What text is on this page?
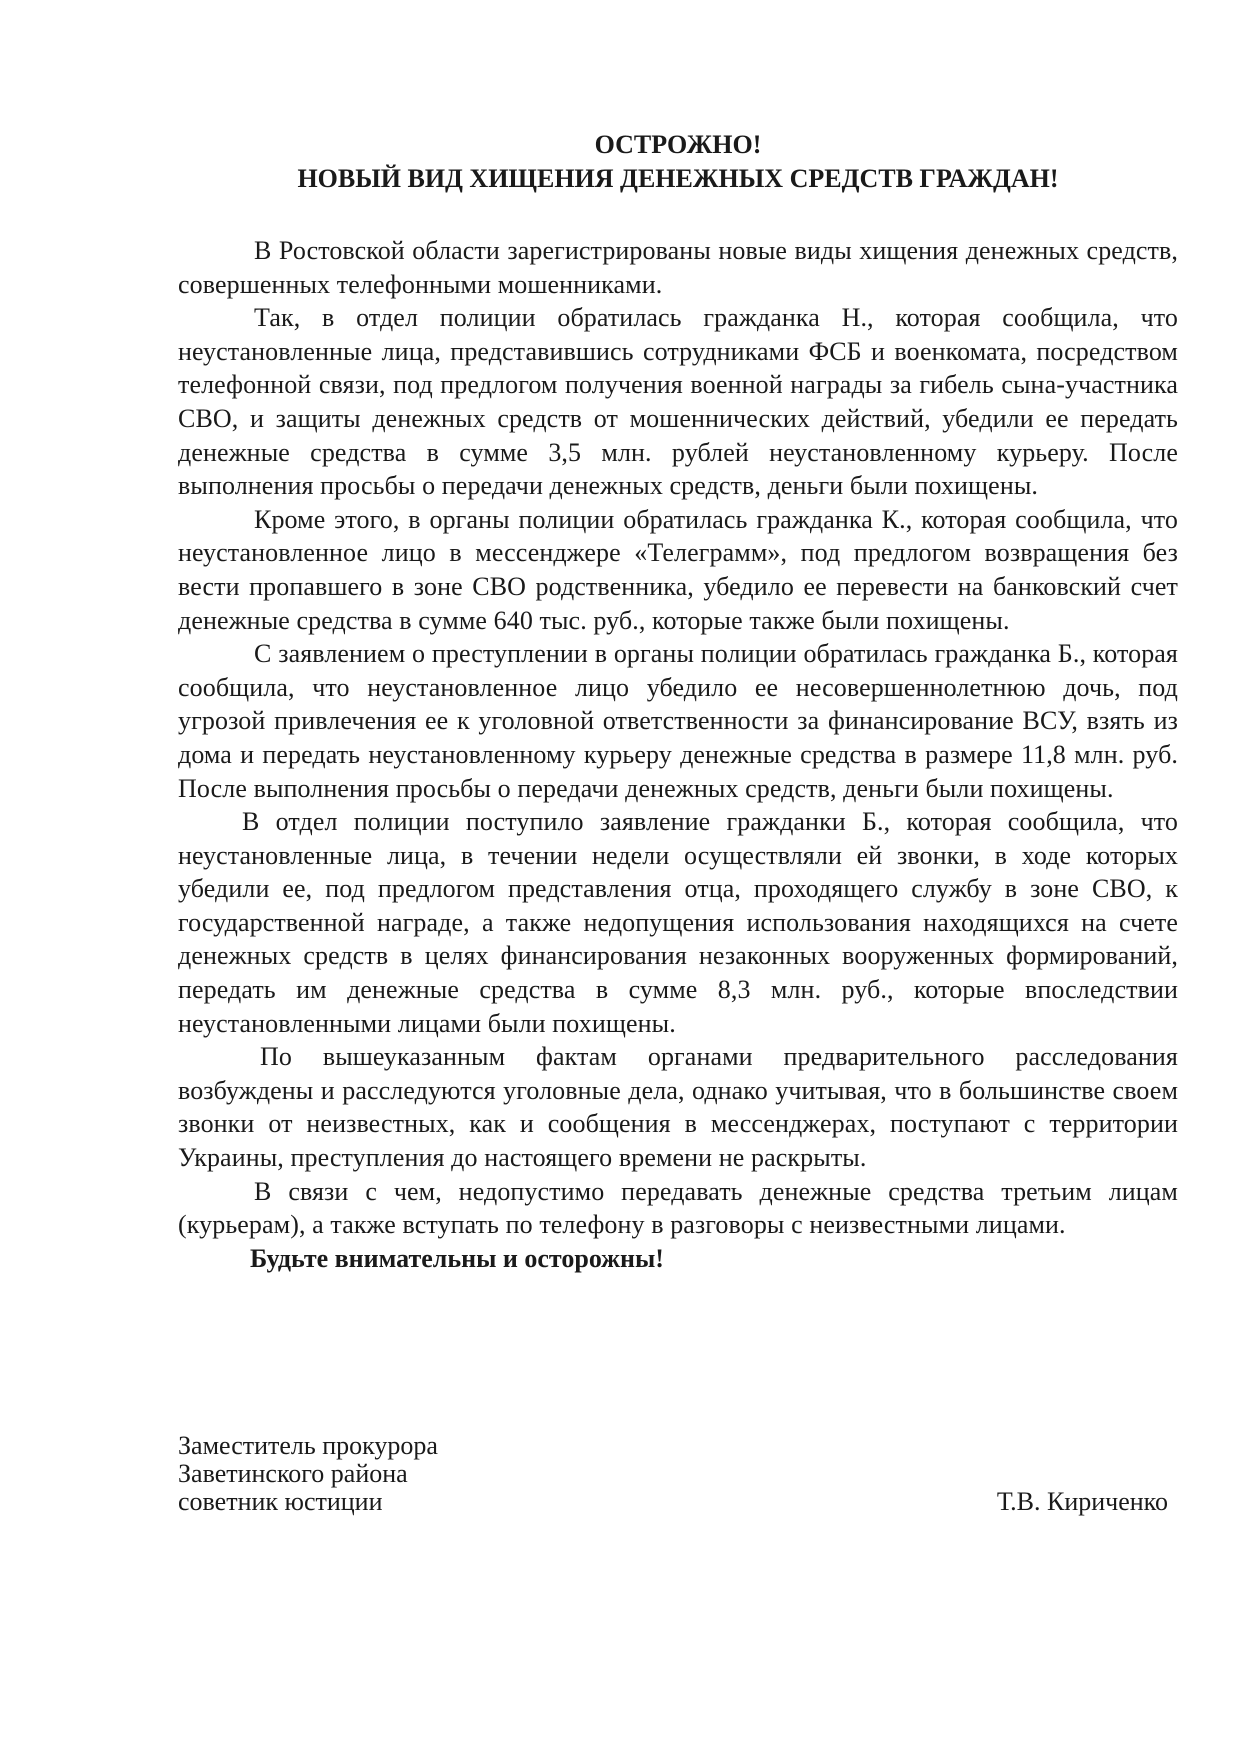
ОСТРОЖНО!
НОВЫЙ ВИД ХИЩЕНИЯ ДЕНЕЖНЫХ СРЕДСТВ ГРАЖДАН!

В Ростовской области зарегистрированы новые виды хищения денежных средств, совершенных телефонными мошенниками.

Так, в отдел полиции обратилась гражданка Н., которая сообщила, что неустановленные лица, представившись сотрудниками ФСБ и военкомата, посредством телефонной связи, под предлогом получения военной награды за гибель сына-участника СВО, и защиты денежных средств от мошеннических действий, убедили ее передать денежные средства в сумме 3,5 млн. рублей неустановленному курьеру. После выполнения просьбы о передачи денежных средств, деньги были похищены.

Кроме этого, в органы полиции обратилась гражданка К., которая сообщила, что неустановленное лицо в мессенджере «Телеграмм», под предлогом возвращения без вести пропавшего в зоне СВО родственника, убедило ее перевести на банковский счет денежные средства в сумме 640 тыс. руб., которые также были похищены.

С заявлением о преступлении в органы полиции обратилась гражданка Б., которая сообщила, что неустановленное лицо убедило ее несовершеннолетнюю дочь, под угрозой привлечения ее к уголовной ответственности за финансирование ВСУ, взять из дома и передать неустановленному курьеру денежные средства в размере 11,8 млн. руб. После выполнения просьбы о передачи денежных средств, деньги были похищены.

В отдел полиции поступило заявление гражданки Б., которая сообщила, что неустановленные лица, в течении недели осуществляли ей звонки, в ходе которых убедили ее, под предлогом представления отца, проходящего службу в зоне СВО, к государственной награде, а также недопущения использования находящихся на счете денежных средств в целях финансирования незаконных вооруженных формирований, передать им денежные средства в сумме 8,3 млн. руб., которые впоследствии неустановленными лицами были похищены.

По вышеуказанным фактам органами предварительного расследования возбуждены и расследуются уголовные дела, однако учитывая, что в большинстве своем звонки от неизвестных, как и сообщения в мессенджерах, поступают с территории Украины, преступления до настоящего времени не раскрыты.

В связи с чем, недопустимо передавать денежные средства третьим лицам (курьерам), а также вступать по телефону в разговоры с неизвестными лицами.

Будьте внимательны и осторожны!

Заместитель прокурора
Заветинского района
советник юстиции	Т.В. Кириченко
